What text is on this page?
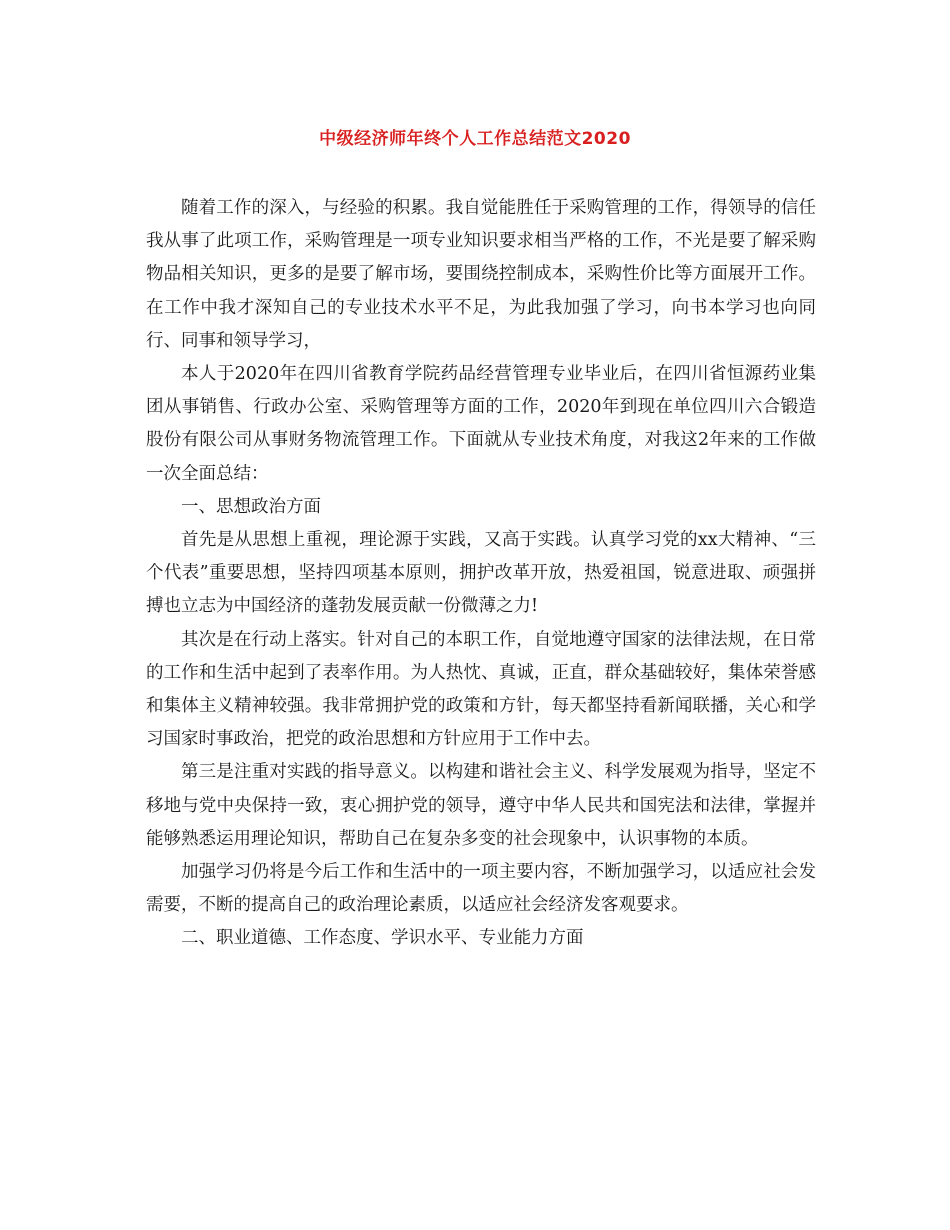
中级经济师年终个人工作总结范文2020

随着工作的深入，与经验的积累。我自觉能胜任于采购管理的工作，得领导的信任我从事了此项工作，采购管理是一项专业知识要求相当严格的工作，不光是要了解采购物品相关知识，更多的是要了解市场，要围绕控制成本，采购性价比等方面展开工作。在工作中我才深知自己的专业技术水平不足，为此我加强了学习，向书本学习也向同行、同事和领导学习，

本人于2020年在四川省教育学院药品经营管理专业毕业后，在四川省恒源药业集团从事销售、行政办公室、采购管理等方面的工作，2020年到现在单位四川六合锻造股份有限公司从事财务物流管理工作。下面就从专业技术角度，对我这2年来的工作做一次全面总结：

一、思想政治方面

首先是从思想上重视，理论源于实践，又高于实践。认真学习党的xx大精神、“三个代表”重要思想，坚持四项基本原则，拥护改革开放，热爱祖国，锐意进取、顽强拼搏也立志为中国经济的蓬勃发展贡献一份微薄之力!

其次是在行动上落实。针对自己的本职工作，自觉地遵守国家的法律法规，在日常的工作和生活中起到了表率作用。为人热忱、真诚，正直，群众基础较好，集体荣誉感和集体主义精神较强。我非常拥护党的政策和方针，每天都坚持看新闻联播，关心和学习国家时事政治，把党的政治思想和方针应用于工作中去。

第三是注重对实践的指导意义。以构建和谐社会主义、科学发展观为指导，坚定不移地与党中央保持一致，衷心拥护党的领导，遵守中华人民共和国宪法和法律，掌握并能够熟悉运用理论知识，帮助自己在复杂多变的社会现象中，认识事物的本质。

加强学习仍将是今后工作和生活中的一项主要内容，不断加强学习，以适应社会发需要，不断的提高自己的政治理论素质，以适应社会经济发客观要求。

二、职业道德、工作态度、学识水平、专业能力方面
